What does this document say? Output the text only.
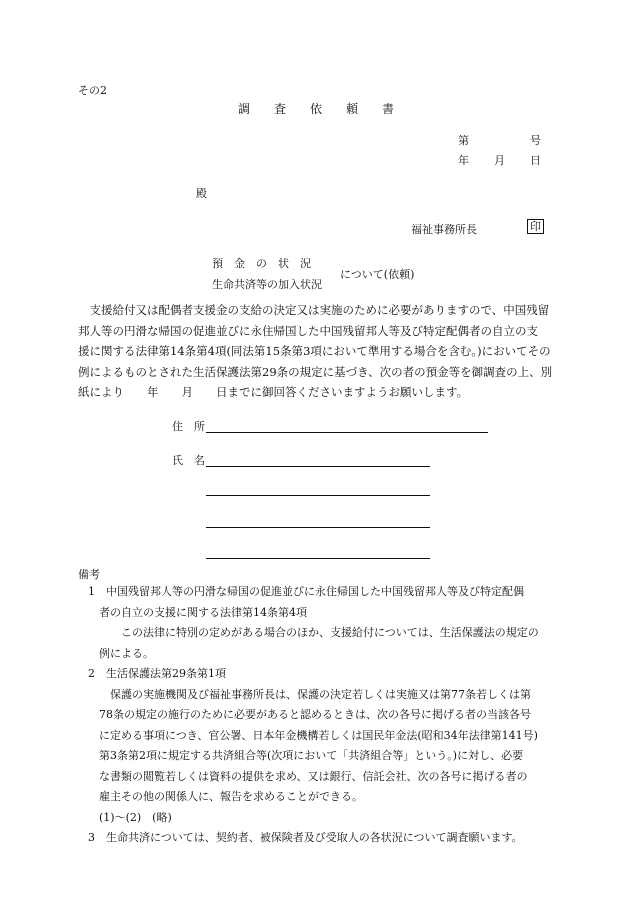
その2
調 査 依 頼 書
第	号
年 月 日
殿
福祉事務所長	印
預　金　の　状　況
生命共済等の加入状況
について(依頼)
　支援給付又は配偶者支援金の支給の決定又は実施のために必要がありますので、中国残留
邦人等の円滑な帰国の促進並びに永住帰国した中国残留邦人等及び特定配偶者の自立の支
援に関する法律第14条第4項(同法第15条第3項において準用する場合を含む。)においてその
例によるものとされた生活保護法第29条の規定に基づき、次の者の預金等を御調査の上、別
紙により　　年　　月　　日までに御回答くださいますようお願いします。
住　所
氏　名
備考
1　中国残留邦人等の円滑な帰国の促進並びに永住帰国した中国残留邦人等及び特定配偶
　者の自立の支援に関する法律第14条第4項
　　　この法律に特別の定めがある場合のほか、支援給付については、生活保護法の規定の
　例による。
2　生活保護法第29条第1項
　　保護の実施機関及び福祉事務所長は、保護の決定若しくは実施又は第77条若しくは第
　78条の規定の施行のために必要があると認めるときは、次の各号に掲げる者の当該各号
　に定める事項につき、官公署、日本年金機構若しくは国民年金法(昭和34年法律第141号)
　第3条第2項に規定する共済組合等(次項において「共済組合等」という。)に対し、必要
　な書類の閲覧若しくは資料の提供を求め、又は銀行、信託会社、次の各号に掲げる者の
　雇主その他の関係人に、報告を求めることができる。
　(1)～(2)　(略)
3　生命共済については、契約者、被保険者及び受取人の各状況について調査願います。
